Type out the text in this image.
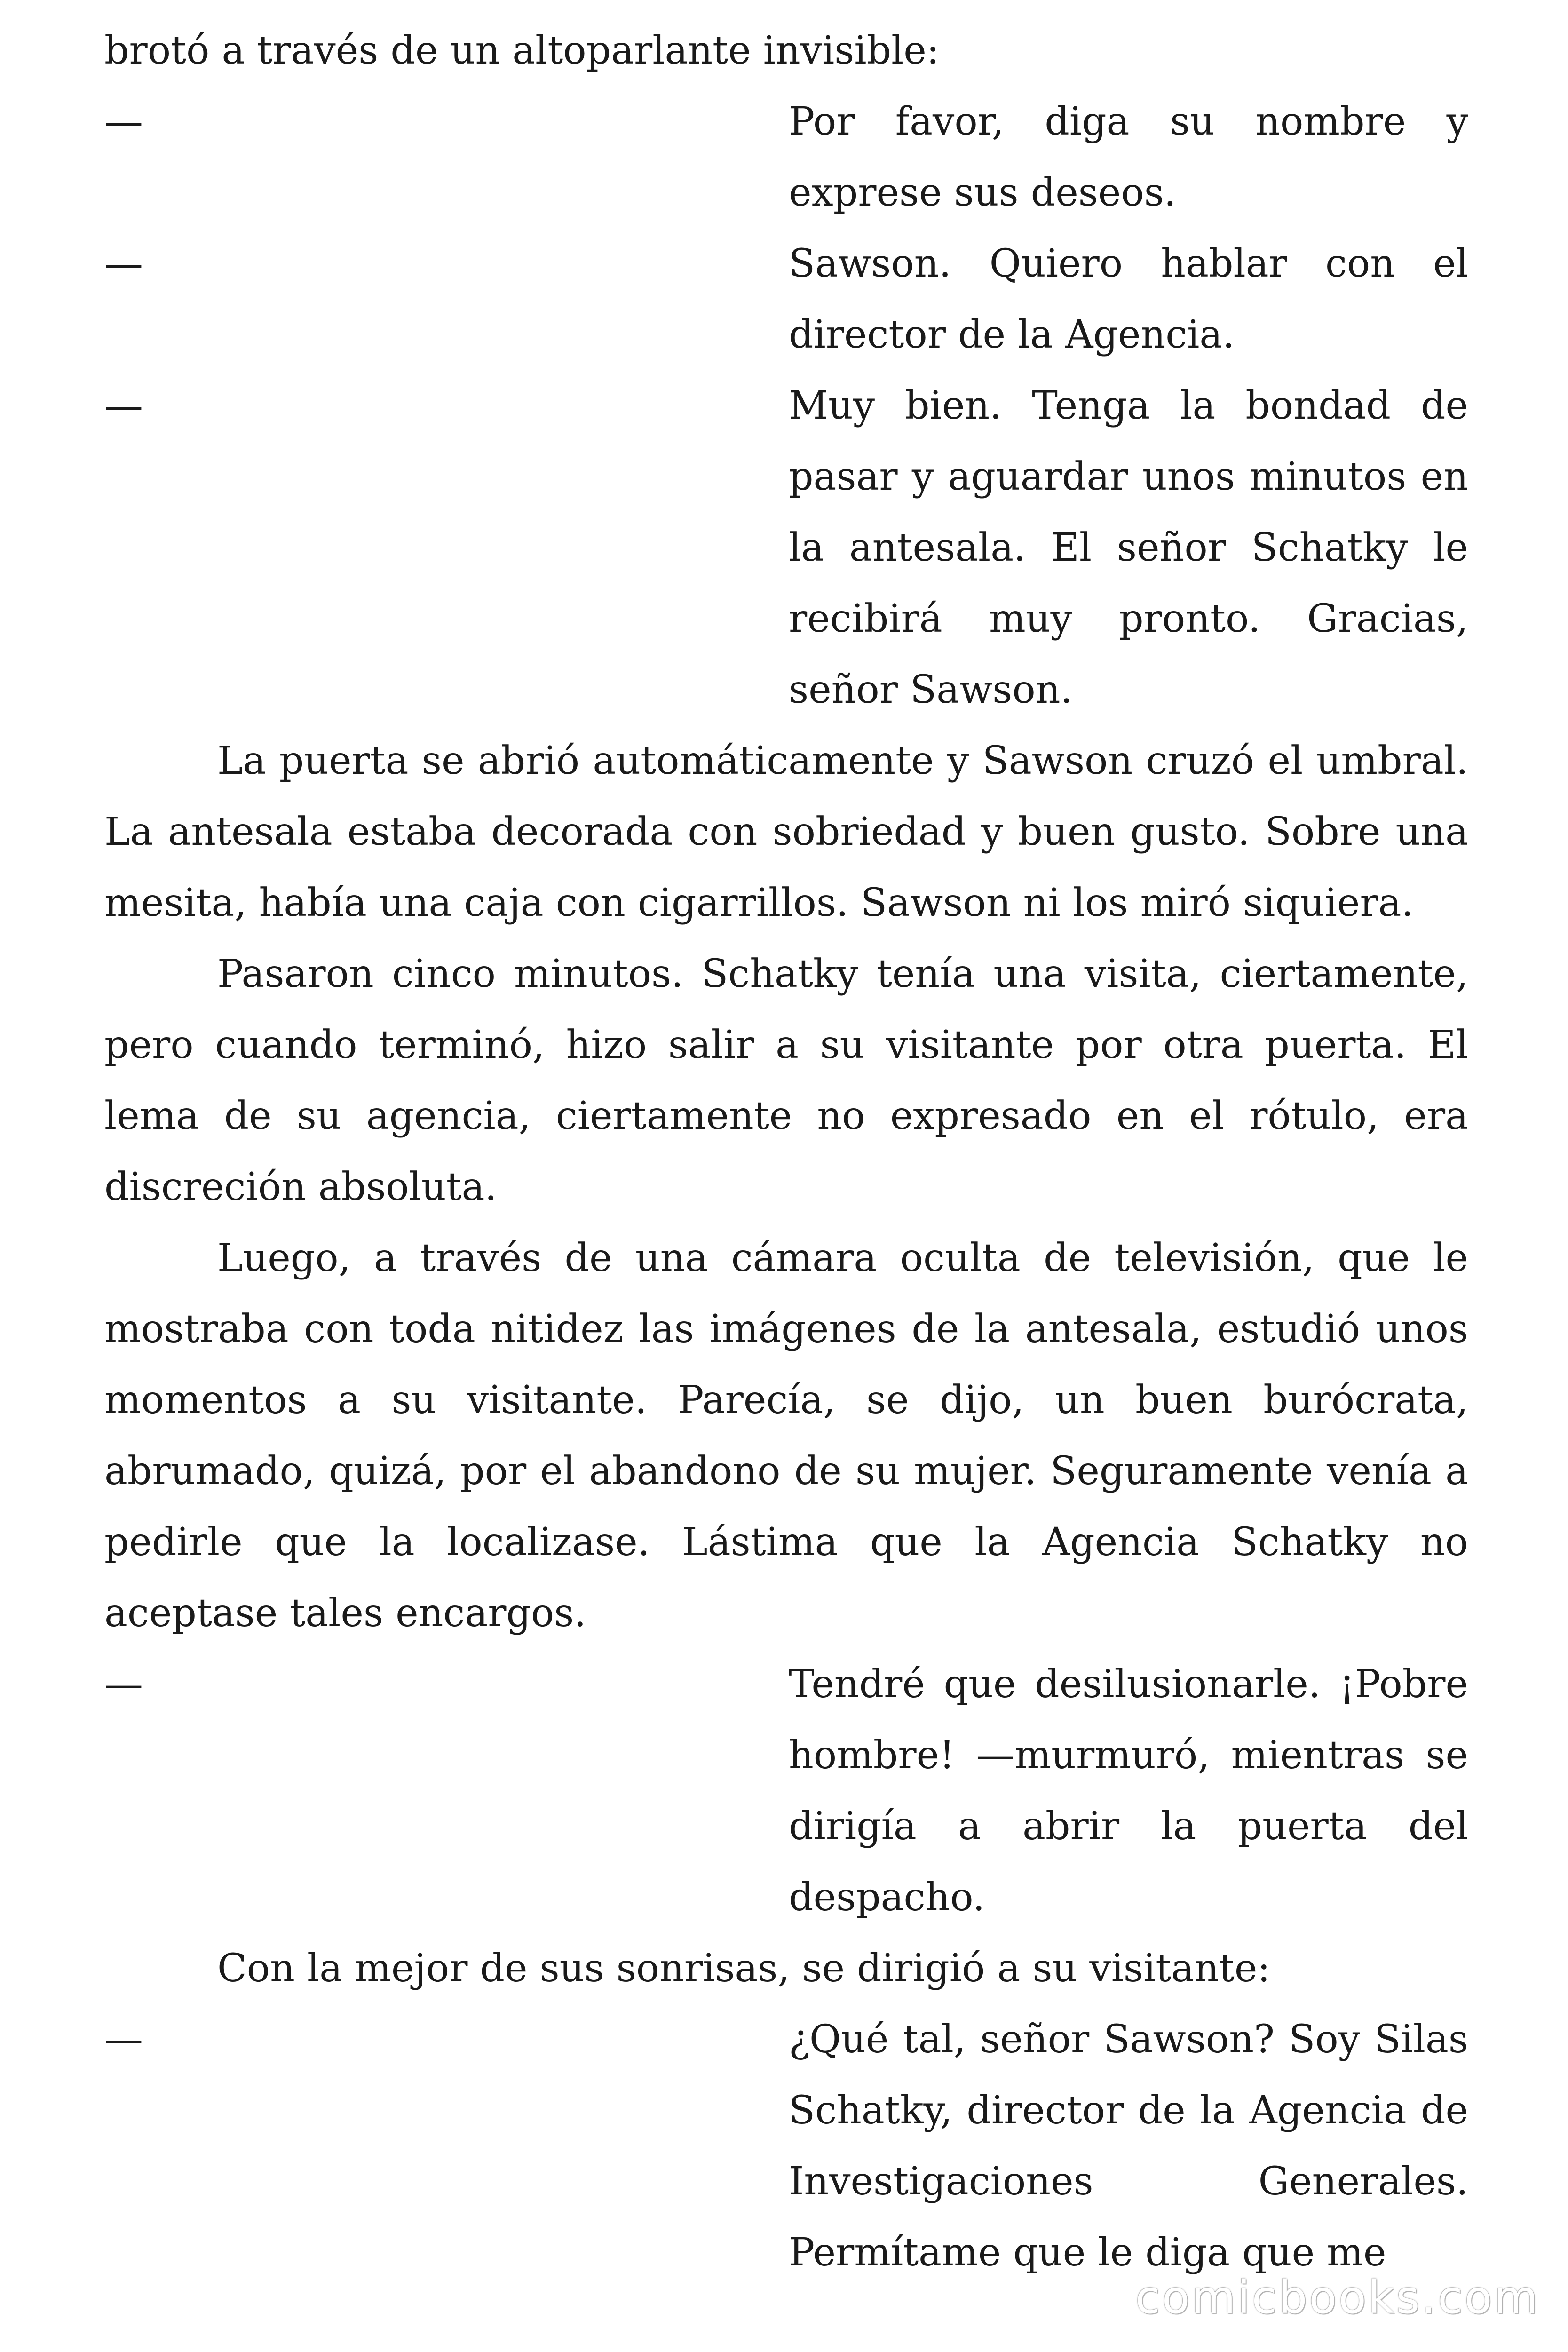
brotó a través de un altoparlante invisible:

—	Por favor, diga su nombre y exprese sus deseos.
—	Sawson. Quiero hablar con el director de la Agencia.
—	Muy bien. Tenga la bondad de pasar y aguardar unos minutos en la antesala. El señor Schatky le recibirá muy pronto. Gracias, señor Sawson.

La puerta se abrió automáticamente y Sawson cruzó el umbral. La antesala estaba decorada con sobriedad y buen gusto. Sobre una mesita, había una caja con cigarrillos. Sawson ni los miró siquiera.

Pasaron cinco minutos. Schatky tenía una visita, ciertamente, pero cuando terminó, hizo salir a su visitante por otra puerta. El lema de su agencia, ciertamente no expresado en el rótulo, era discreción absoluta.

Luego, a través de una cámara oculta de televisión, que le mostraba con toda nitidez las imágenes de la antesala, estudió unos momentos a su visitante. Parecía, se dijo, un buen burócrata, abrumado, quizá, por el abandono de su mujer. Seguramente venía a pedirle que la localizase. Lástima que la Agencia Schatky no aceptase tales encargos.

—	Tendré que desilusionarle. ¡Pobre hombre! —murmuró, mientras se dirigía a abrir la puerta del despacho.

Con la mejor de sus sonrisas, se dirigió a su visitante:

—	¿Qué tal, señor Sawson? Soy Silas Schatky, director de la Agencia de Investigaciones Generales. Permítame que le diga que me
comicbooks.com
